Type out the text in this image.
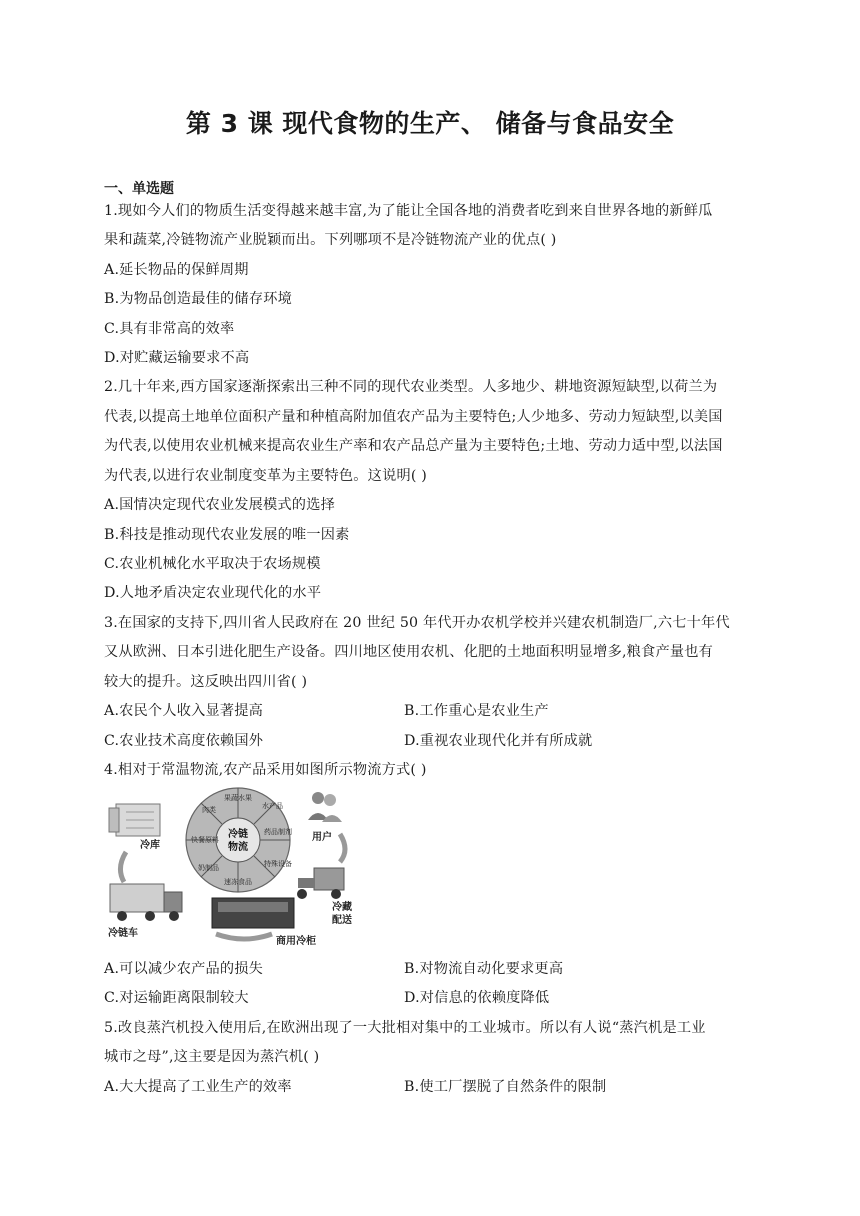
第 3 课 现代食物的生产、 储备与食品安全
一、单选题
1.现如今人们的物质生活变得越来越丰富,为了能让全国各地的消费者吃到来自世界各地的新鲜瓜
果和蔬菜,冷链物流产业脱颖而出。下列哪项不是冷链物流产业的优点( )
A.延长物品的保鲜周期
B.为物品创造最佳的储存环境
C.具有非常高的效率
D.对贮藏运输要求不高
2.几十年来,西方国家逐渐探索出三种不同的现代农业类型。人多地少、耕地资源短缺型,以荷兰为
代表,以提高土地单位面积产量和种植高附加值农产品为主要特色;人少地多、劳动力短缺型,以美国
为代表,以使用农业机械来提高农业生产率和农产品总产量为主要特色;土地、劳动力适中型,以法国
为代表,以进行农业制度变革为主要特色。这说明( )
A.国情决定现代农业发展模式的选择
B.科技是推动现代农业发展的唯一因素
C.农业机械化水平取决于农场规模
D.人地矛盾决定农业现代化的水平
3.在国家的支持下,四川省人民政府在 20 世纪 50 年代开办农机学校并兴建农机制造厂,六七十年代
又从欧洲、日本引进化肥生产设备。四川地区使用农机、化肥的土地面积明显增多,粮食产量也有
较大的提升。这反映出四川省( )
A.农民个人收入显著提高	B.工作重心是农业生产
C.农业技术高度依赖国外	D.重视农业现代化并有所成就
4.相对于常温物流,农产品采用如图所示物流方式( )
冷库
冷链
物流
果蔬水果
水产品
药品制剂
特殊设备
速冻食品
奶制品
快餐原料
肉类
用户
冷藏
配送
商用冷柜
冷链车
A.可以减少农产品的损失	B.对物流自动化要求更高
C.对运输距离限制较大	D.对信息的依赖度降低
5.改良蒸汽机投入使用后,在欧洲出现了一大批相对集中的工业城市。所以有人说“蒸汽机是工业
城市之母”,这主要是因为蒸汽机( )
A.大大提高了工业生产的效率	B.使工厂摆脱了自然条件的限制
